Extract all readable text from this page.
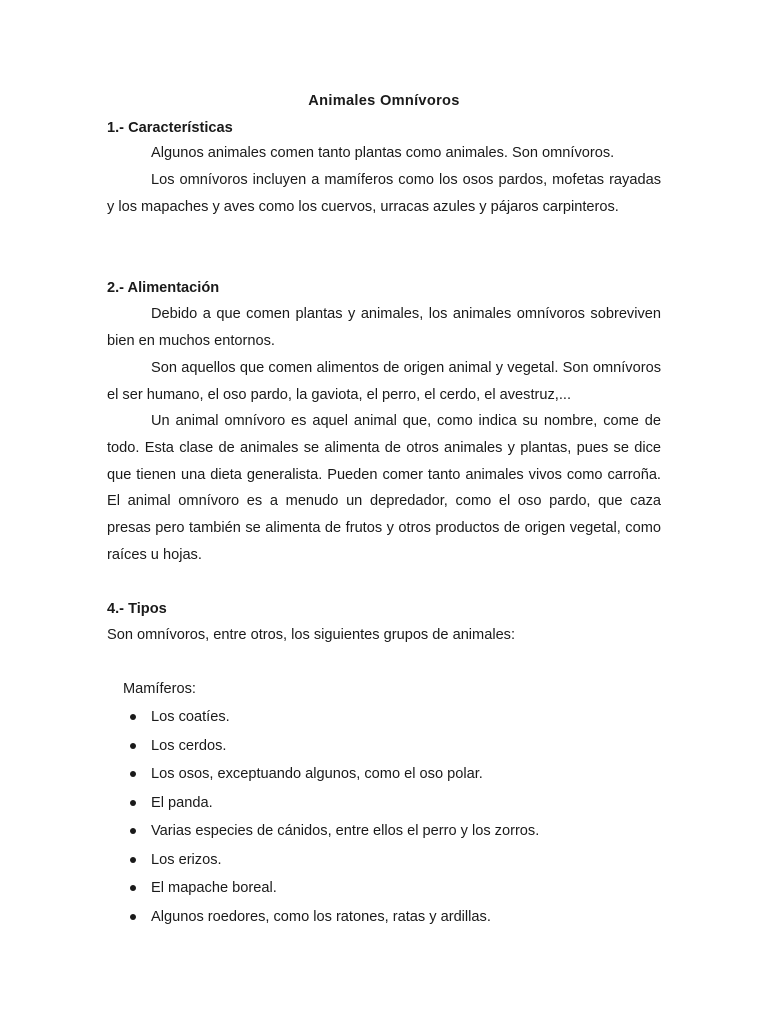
Animales Omnívoros
1.- Características

Algunos animales comen tanto plantas como animales. Son omnívoros.

Los omnívoros incluyen a mamíferos como los osos pardos, mofetas rayadas y los mapaches y aves como los cuervos, urracas azules y pájaros carpinteros.

2.- Alimentación

Debido a que comen plantas y animales, los animales omnívoros sobreviven bien en muchos entornos.

Son aquellos que comen alimentos de origen animal y vegetal. Son omnívoros el ser humano, el oso pardo, la gaviota, el perro, el cerdo, el avestruz,...

Un animal omnívoro es aquel animal que, como indica su nombre, come de todo. Esta clase de animales se alimenta de otros animales y plantas, pues se dice que tienen una dieta generalista. Pueden comer tanto animales vivos como carroña. El animal omnívoro es a menudo un depredador, como el oso pardo, que caza presas pero también se alimenta de frutos y otros productos de origen vegetal, como raíces u hojas.

4.- Tipos

Son omnívoros, entre otros, los siguientes grupos de animales:

Mamíferos:
Los coatíes.
Los cerdos.
Los osos, exceptuando algunos, como el oso polar.
El panda.
Varias especies de cánidos, entre ellos el perro y los zorros.
Los erizos.
El mapache boreal.
Algunos roedores, como los ratones, ratas y ardillas.
